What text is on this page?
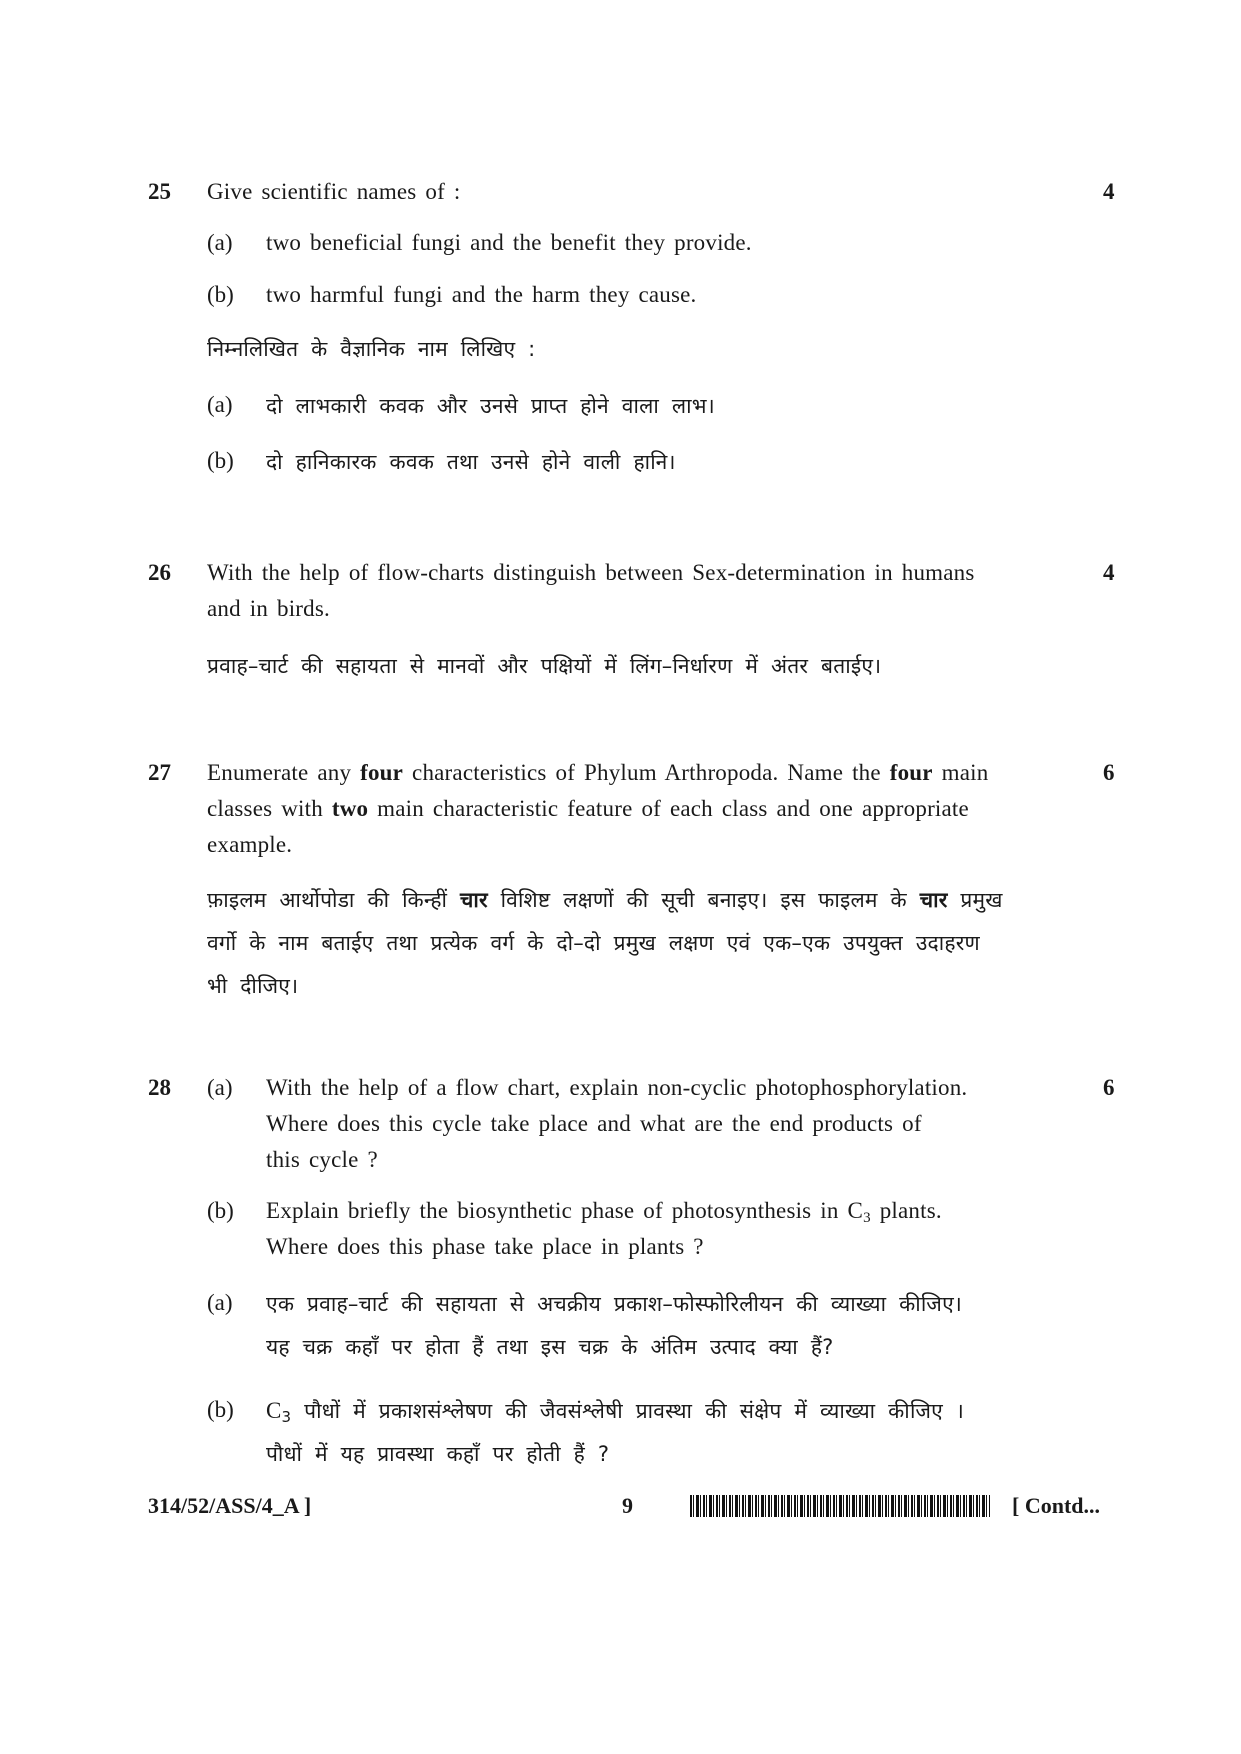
25	4
Give scientific names of :
(a) two beneficial fungi and the benefit they provide.
(b) two harmful fungi and the harm they cause.
निम्नलिखित के वैज्ञानिक नाम लिखिए :
(a) दो लाभकारी कवक और उनसे प्राप्त होने वाला लाभ।
(b) दो हानिकारक कवक तथा उनसे होने वाली हानि।
26	4
With the help of flow-charts distinguish between Sex-determination in humans
and in birds.
प्रवाह–चार्ट की सहायता से मानवों और पक्षियों में लिंग–निर्धारण में अंतर बताईए।
27	6
Enumerate any four characteristics of Phylum Arthropoda. Name the four main
classes with two main characteristic feature of each class and one appropriate
example.
फ़ाइलम आर्थोपोडा की किन्हीं चार विशिष्ट लक्षणों की सूची बनाइए। इस फाइलम के चार प्रमुख
वर्गो के नाम बताईए तथा प्रत्येक वर्ग के दो–दो प्रमुख लक्षण एवं एक–एक उपयुक्त उदाहरण
भी दीजिए।
28	6
(a) With the help of a flow chart, explain non-cyclic photophosphorylation.
Where does this cycle take place and what are the end products of
this cycle ?
(b) Explain briefly the biosynthetic phase of photosynthesis in $C_3$ plants.
Where does this phase take place in plants ?
(a) एक प्रवाह–चार्ट की सहायता से अचक्रीय प्रकाश–फोस्फोरिलीयन की व्याख्या कीजिए।
यह चक्र कहाँ पर होता हैं तथा इस चक्र के अंतिम उत्पाद क्या हैं?
(b) $C_3$ पौधों में प्रकाशसंश्लेषण की जैवसंश्लेषी प्रावस्था की संक्षेप में व्याख्या कीजिए ।
पौधों में यह प्रावस्था कहाँ पर होती हैं ?
314/52/ASS/4_A ]	9	[ Contd...
